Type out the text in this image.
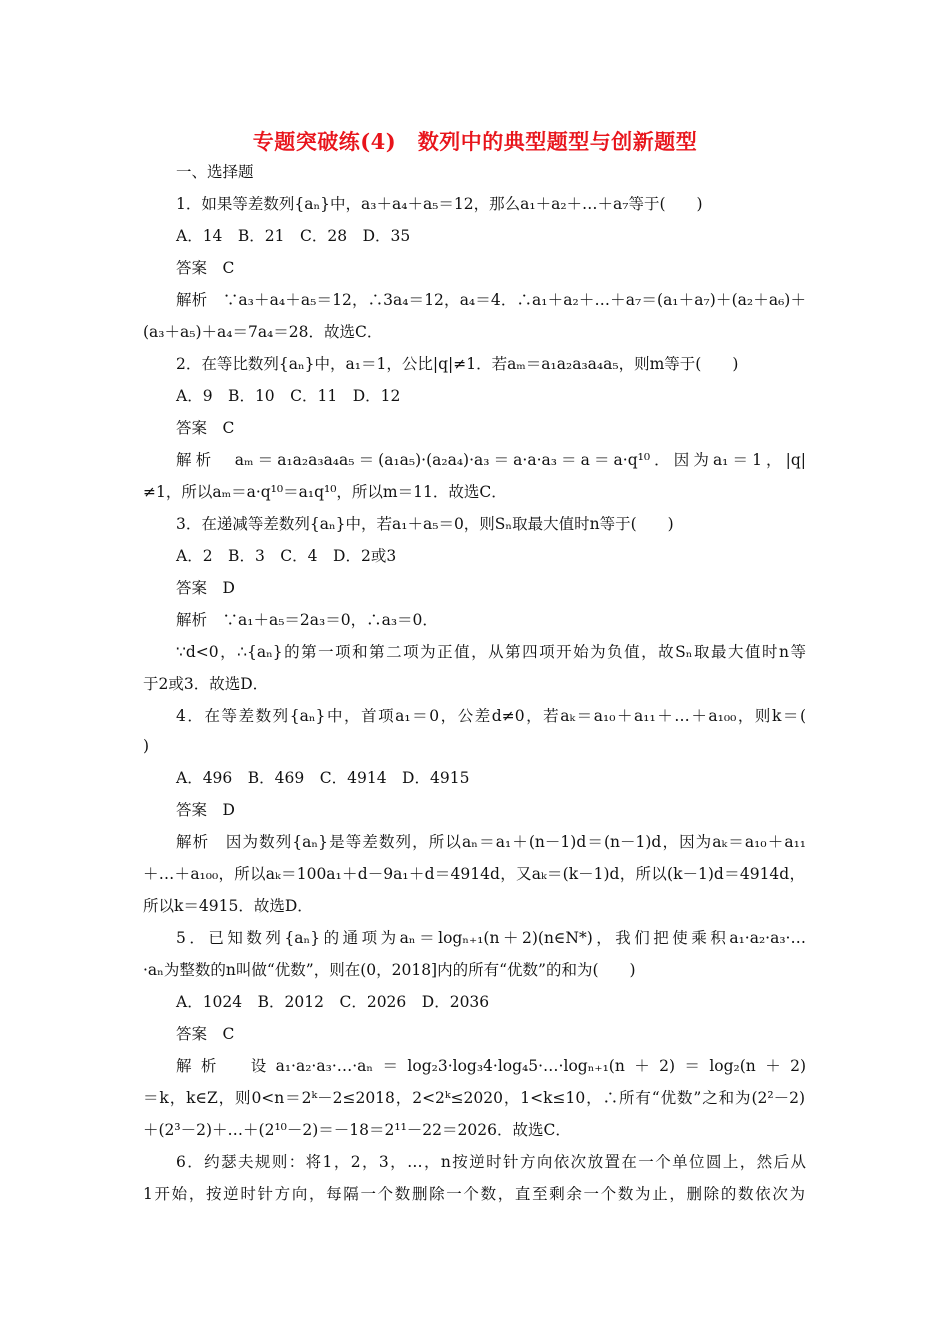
专题突破练(4)　数列中的典型题型与创新题型
一、选择题
1．如果等差数列{aₙ}中，a₃＋a₄＋a₅＝12，那么a₁＋a₂＋…＋a₇等于(　　)
A．14　B．21　C．28　D．35
答案　C
解析　∵a₃＋a₄＋a₅＝12，∴3a₄＝12，a₄＝4．∴a₁＋a₂＋…＋a₇＝(a₁＋a₇)＋(a₂＋a₆)＋
(a₃＋a₅)＋a₄＝7a₄＝28．故选C．
2．在等比数列{aₙ}中，a₁＝1，公比|q|≠1．若aₘ＝a₁a₂a₃a₄a₅，则m等于(　　)
A．9　B．10　C．11　D．12
答案　C
解析　aₘ＝a₁a₂a₃a₄a₅＝(a₁a₅)·(a₂a₄)·a₃＝a·a·a₃＝a＝a·q¹⁰．因为a₁＝1，|q|
≠1，所以aₘ＝a·q¹⁰＝a₁q¹⁰，所以m＝11．故选C．
3．在递减等差数列{aₙ}中，若a₁＋a₅＝0，则Sₙ取最大值时n等于(　　)
A．2　B．3　C．4　D．2或3
答案　D
解析　∵a₁＋a₅＝2a₃＝0，∴a₃＝0．
∵d<0，∴{aₙ}的第一项和第二项为正值，从第四项开始为负值，故Sₙ取最大值时n等
于2或3．故选D．
4．在等差数列{aₙ}中，首项a₁＝0，公差d≠0，若aₖ＝a₁₀＋a₁₁＋…＋a₁₀₀，则k＝(
)
A．496　B．469　C．4914　D．4915
答案　D
解析　因为数列{aₙ}是等差数列，所以aₙ＝a₁＋(n－1)d＝(n－1)d，因为aₖ＝a₁₀＋a₁₁
＋…＋a₁₀₀，所以aₖ＝100a₁＋d－9a₁＋d＝4914d，又aₖ＝(k－1)d，所以(k－1)d＝4914d，
所以k＝4915．故选D．
5．已知数列{aₙ}的通项为aₙ＝logₙ₊₁(n＋2)(n∈N*)，我们把使乘积a₁·a₂·a₃·…
·aₙ为整数的n叫做“优数”，则在(0，2018]内的所有“优数”的和为(　　)
A．1024　B．2012　C．2026　D．2036
答案　C
解析　设a₁·a₂·a₃·…·aₙ＝log₂3·log₃4·log₄5·…·logₙ₊₁(n＋2)＝log₂(n＋2)
＝k，k∈Z，则0<n＝2ᵏ－2≤2018，2<2ᵏ≤2020，1<k≤10，∴所有“优数”之和为(2²－2)
＋(2³－2)＋…＋(2¹⁰－2)＝－18＝2¹¹－22＝2026．故选C．
6．约瑟夫规则：将1，2，3，…，n按逆时针方向依次放置在一个单位圆上，然后从
1开始，按逆时针方向，每隔一个数删除一个数，直至剩余一个数为止，删除的数依次为
